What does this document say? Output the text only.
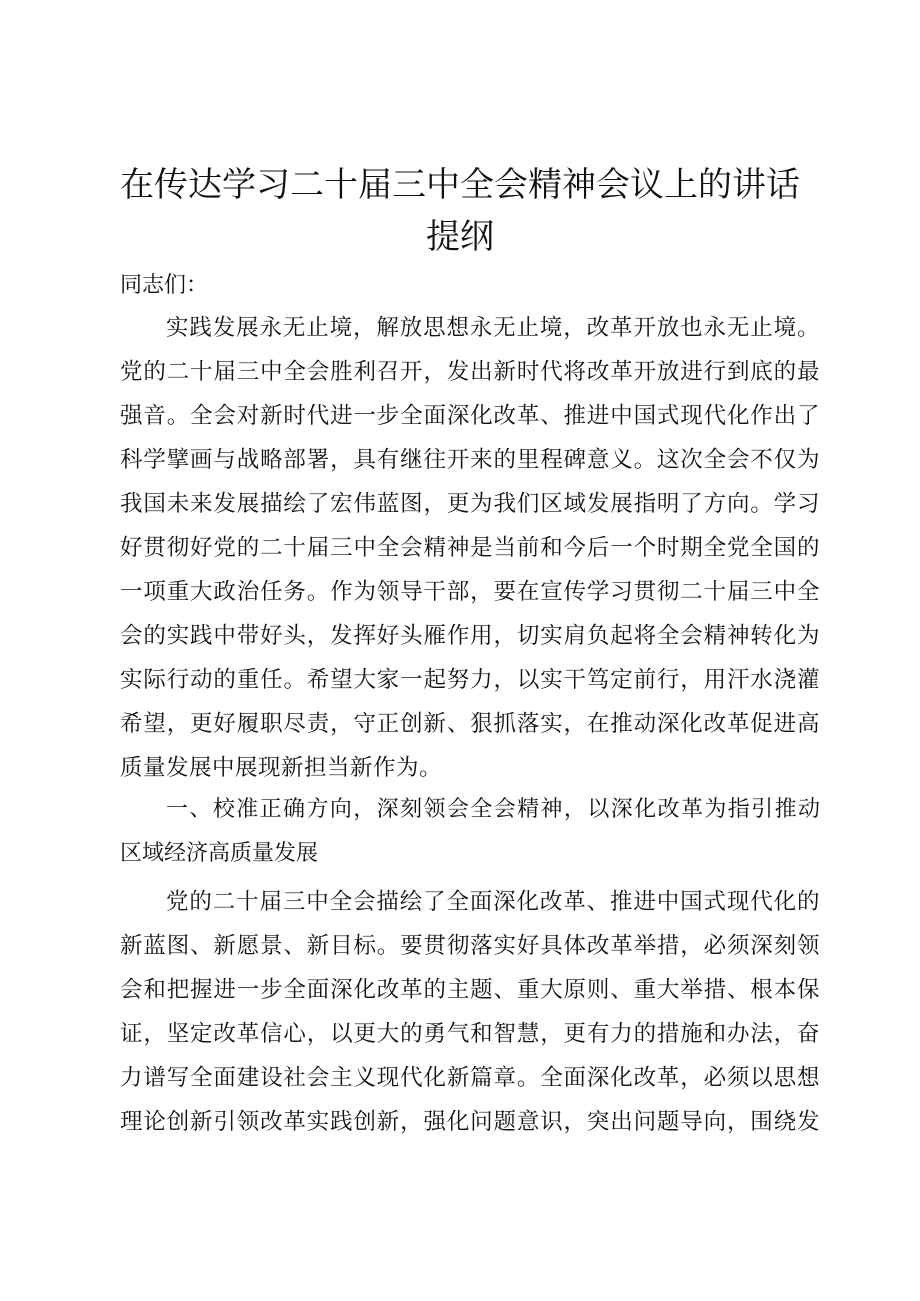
在传达学习二十届三中全会精神会议上的讲话
提纲
同志们：
实践发展永无止境，解放思想永无止境，改革开放也永无止境。
党的二十届三中全会胜利召开，发出新时代将改革开放进行到底的最
强音。全会对新时代进一步全面深化改革、推进中国式现代化作出了
科学擘画与战略部署，具有继往开来的里程碑意义。这次全会不仅为
我国未来发展描绘了宏伟蓝图，更为我们区域发展指明了方向。学习
好贯彻好党的二十届三中全会精神是当前和今后一个时期全党全国的
一项重大政治任务。作为领导干部，要在宣传学习贯彻二十届三中全
会的实践中带好头，发挥好头雁作用，切实肩负起将全会精神转化为
实际行动的重任。希望大家一起努力，以实干笃定前行，用汗水浇灌
希望，更好履职尽责，守正创新、狠抓落实，在推动深化改革促进高
质量发展中展现新担当新作为。
一、校准正确方向，深刻领会全会精神，以深化改革为指引推动
区域经济高质量发展
党的二十届三中全会描绘了全面深化改革、推进中国式现代化的
新蓝图、新愿景、新目标。要贯彻落实好具体改革举措，必须深刻领
会和把握进一步全面深化改革的主题、重大原则、重大举措、根本保
证，坚定改革信心，以更大的勇气和智慧，更有力的措施和办法，奋
力谱写全面建设社会主义现代化新篇章。全面深化改革，必须以思想
理论创新引领改革实践创新，强化问题意识，突出问题导向，围绕发
